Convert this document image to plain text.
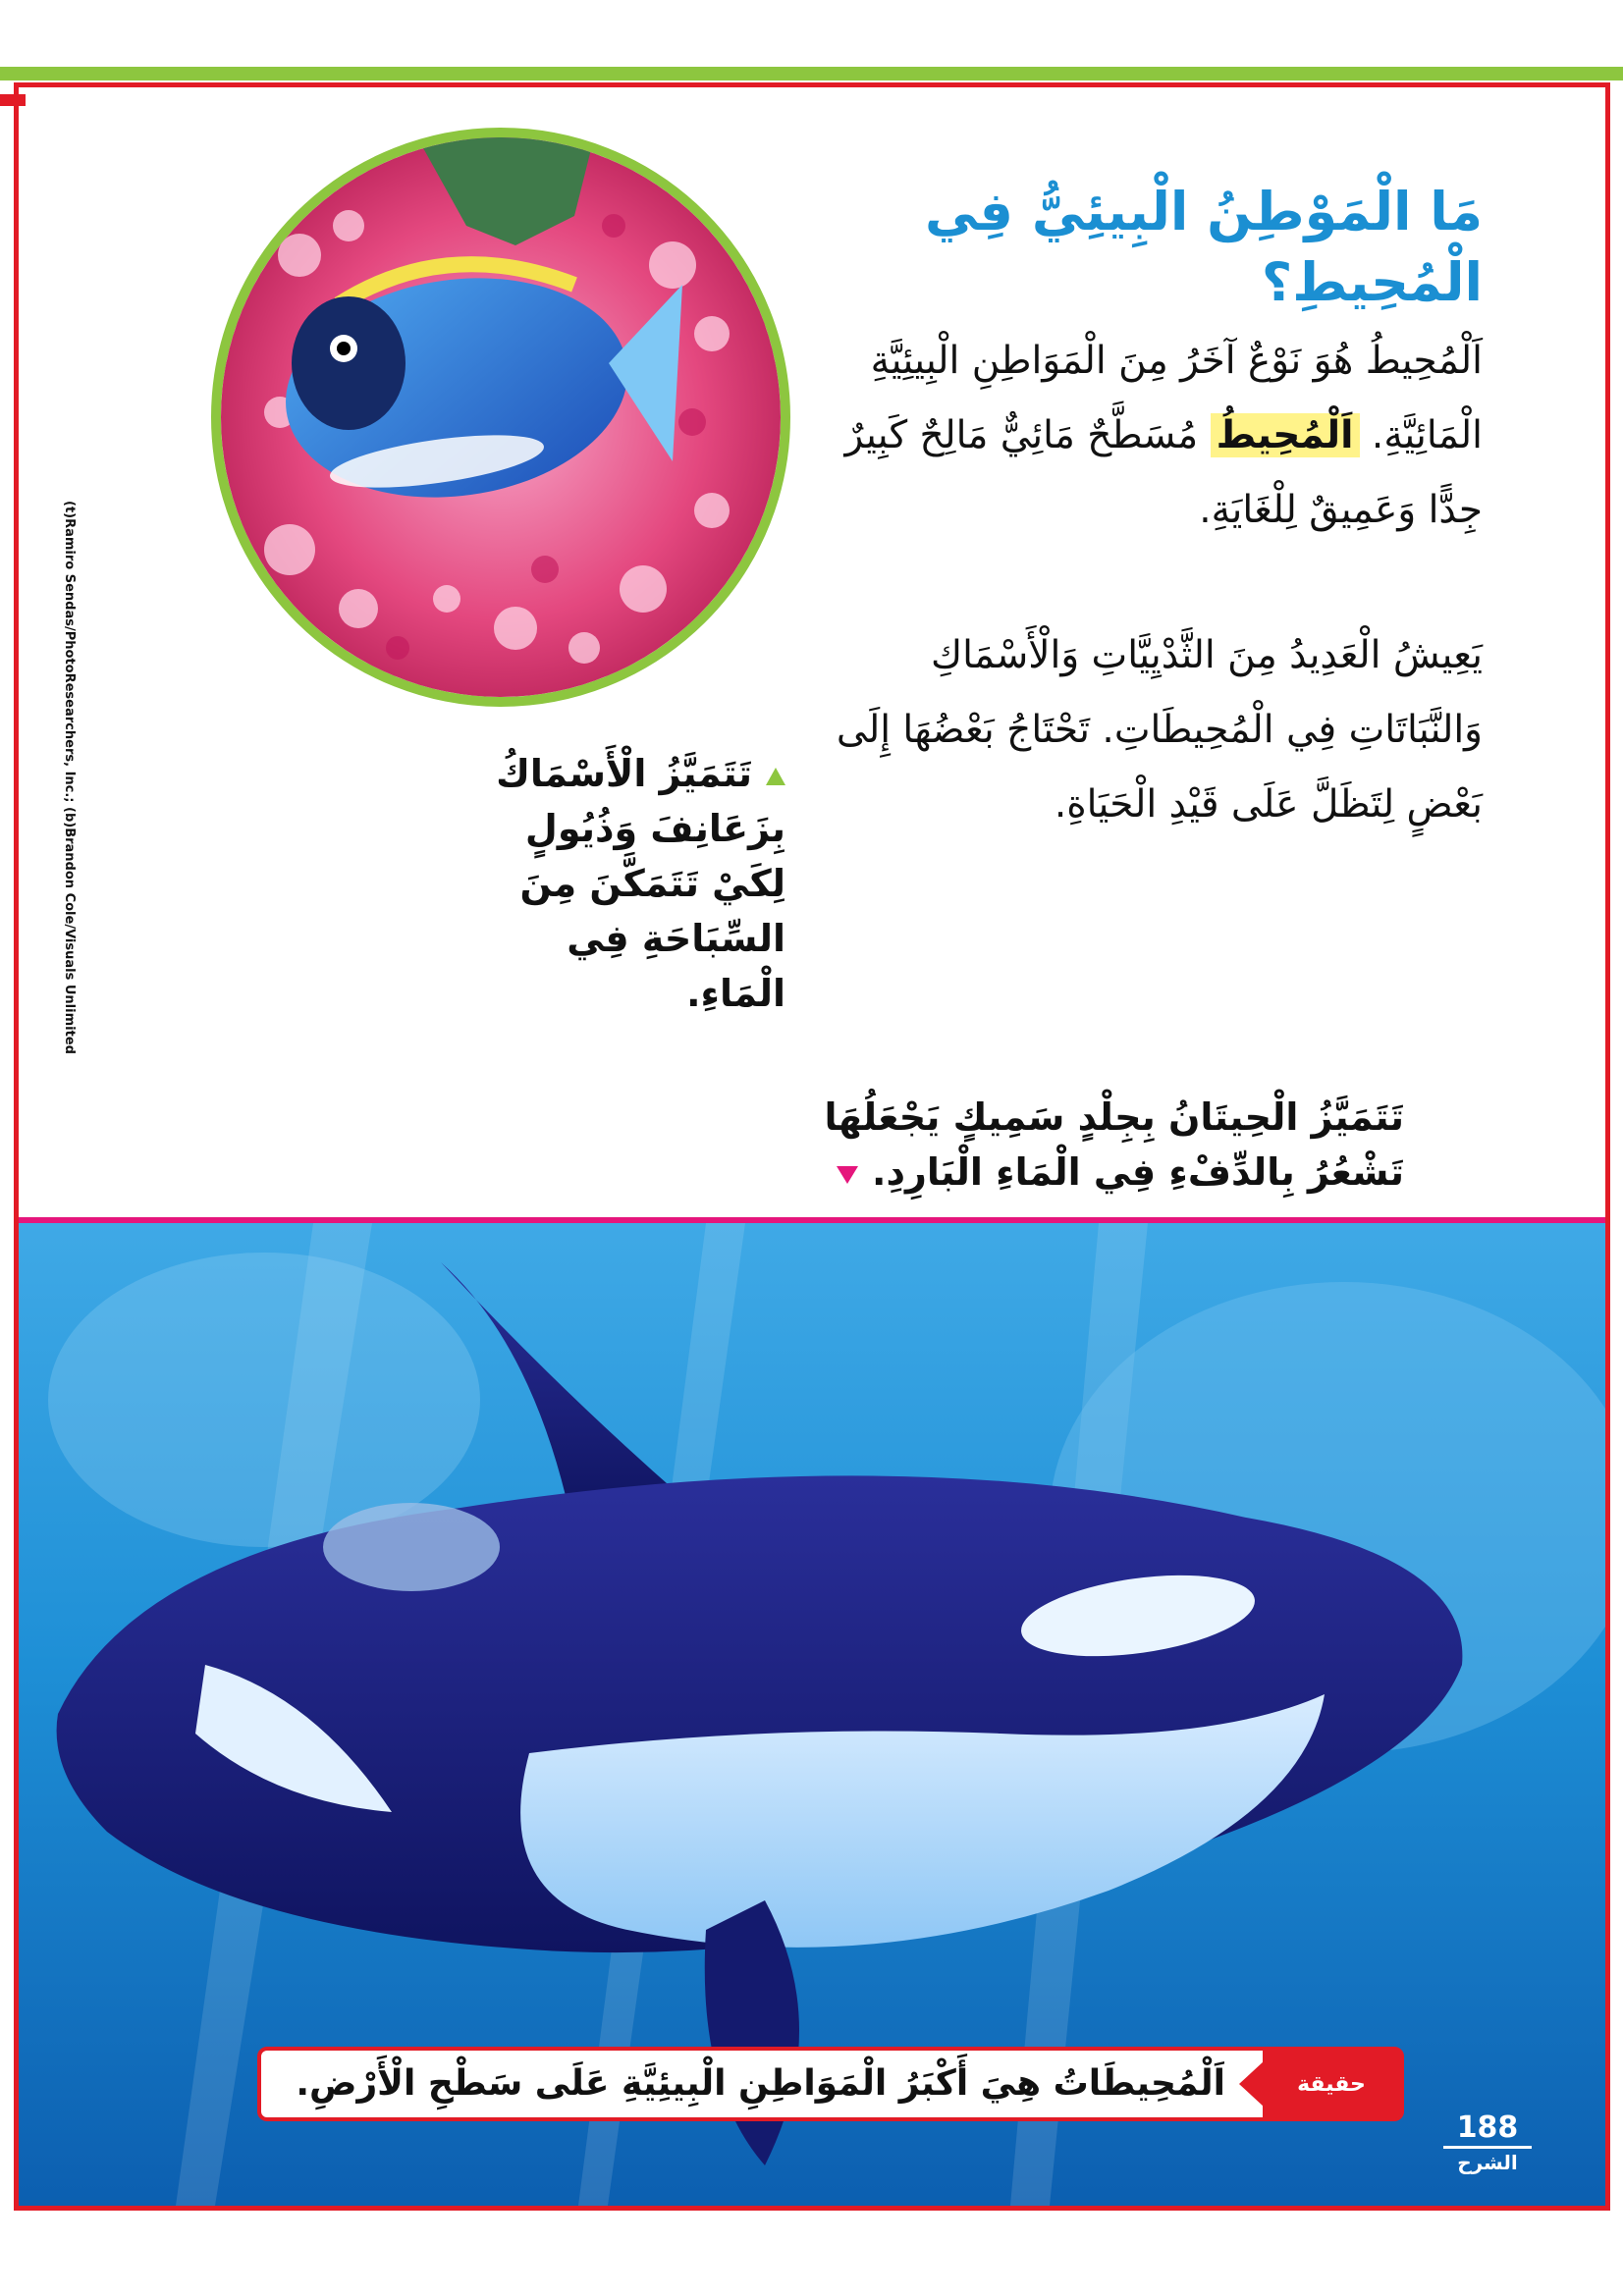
(t)Ramiro Sendas/PhotoResearchers, Inc.; (b)Brandon Cole/Visuals Unlimited
مَا الْمَوْطِنُ الْبِيئِيُّ فِي الْمُحِيطِ؟
اَلْمُحِيطُ هُوَ نَوْعٌ آخَرُ مِنَ الْمَوَاطِنِ الْبِيئِيَّةِ الْمَائِيَّةِ. اَلْمُحِيطُ مُسَطَّحٌ مَائِيٌّ مَالِحٌ كَبِيرٌ جِدًّا وَعَمِيقٌ لِلْغَايَةِ.
يَعِيشُ الْعَدِيدُ مِنَ الثَّدْيِيَّاتِ وَالْأَسْمَاكِ وَالنَّبَاتَاتِ فِي الْمُحِيطَاتِ. تَحْتَاجُ بَعْضُهَا إِلَى بَعْضٍ لِتَظَلَّ عَلَى قَيْدِ الْحَيَاةِ.
تَتَمَيَّزُ الْأَسْمَاكُ بِزَعَانِفَ وَذُيُولٍ لِكَيْ تَتَمَكَّنَ مِنَ السِّبَاحَةِ فِي الْمَاءِ.
تَتَمَيَّزُ الْحِيتَانُ بِجِلْدٍ سَمِيكٍ يَجْعَلُهَا تَشْعُرُ بِالدِّفْءِ فِي الْمَاءِ الْبَارِدِ.
حقيقة
اَلْمُحِيطَاتُ هِيَ أَكْبَرُ الْمَوَاطِنِ الْبِيئِيَّةِ عَلَى سَطْحِ الْأَرْضِ.
188
الشرح
